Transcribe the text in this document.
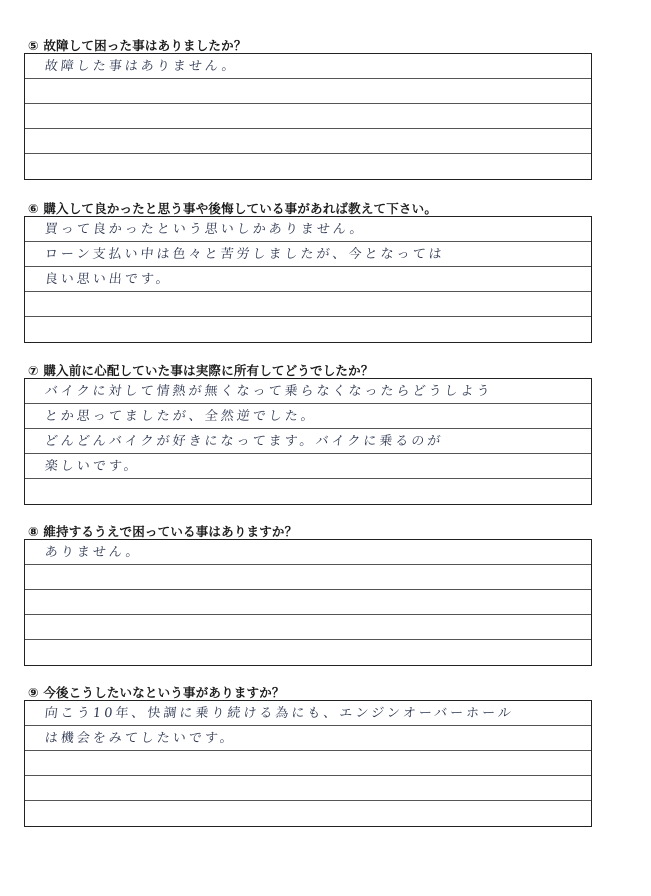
⑤ 故障して困った事はありましたか？
故障した事はありません。
⑥ 購入して良かったと思う事や後悔している事があれば教えて下さい。
買って良かったという思いしかありません。
ローン支払い中は色々と苦労しましたが、今となっては
良い思い出です。
⑦ 購入前に心配していた事は実際に所有してどうでしたか？
バイクに対して情熱が無くなって乗らなくなったらどうしよう
とか思ってましたが、全然逆でした。
どんどんバイクが好きになってます。バイクに乗るのが
楽しいです。
⑧ 維持するうえで困っている事はありますか？
ありません。
⑨ 今後こうしたいなという事がありますか？
向こう10年、快調に乗り続ける為にも、エンジンオーバーホール
は機会をみてしたいです。
